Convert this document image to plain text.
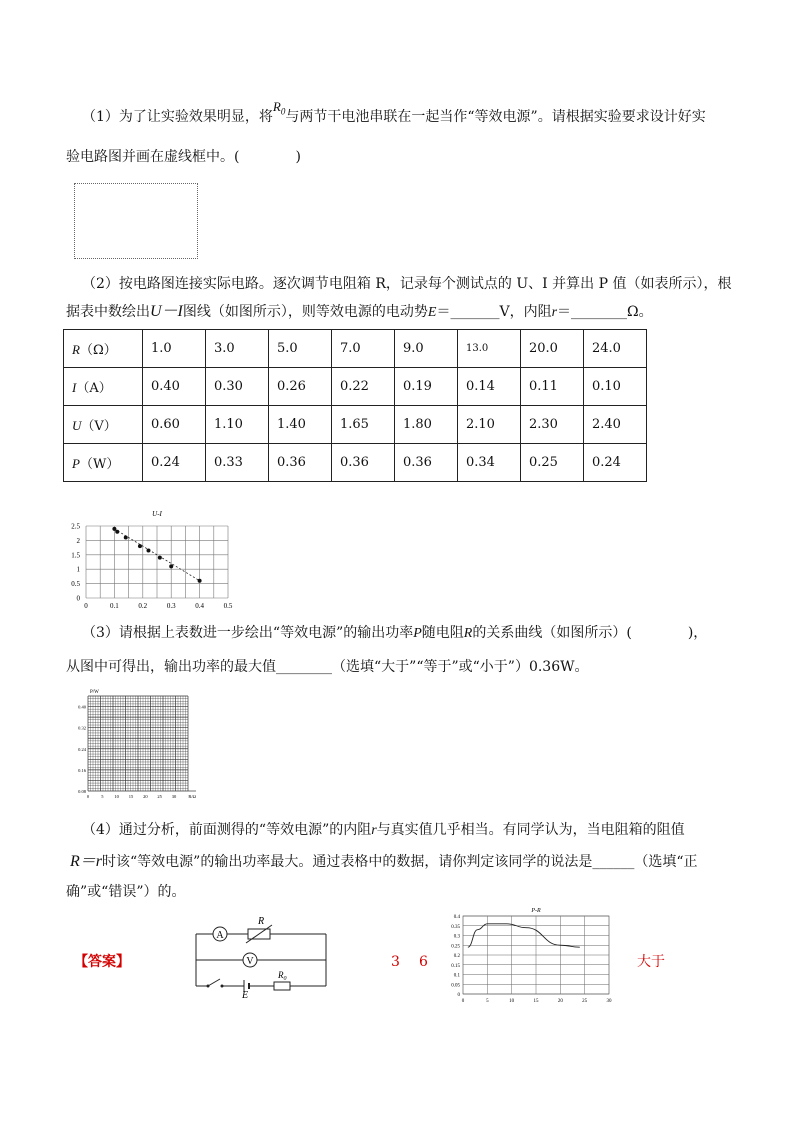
（1）为了让实验效果明显，将$R_0$与两节干电池串联在一起当作“等效电源”。请根据实验要求设计好实
验电路图并画在虚线框中。(　　　　)
（2）按电路图连接实际电路。逐次调节电阻箱 R，记录每个测试点的 U、I 并算出 P 值（如表所示），根
据表中数绘出U－I图线（如图所示），则等效电源的电动势E＝_______V，内阻r＝________Ω。
R（Ω）	1.0	3.0	5.0	7.0	9.0	13.0	20.0	24.0
I（A）	0.40	0.30	0.26	0.22	0.19	0.14	0.11	0.10
U（V）	0.60	1.10	1.40	1.65	1.80	2.10	2.30	2.40
P（W）	0.24	0.33	0.36	0.36	0.36	0.34	0.25	0.24
U-I
0
0.5
1
1.5
2
2.5
0	0.1	0.2	0.3	0.4	0.5
（3）请根据上表数进一步绘出“等效电源”的输出功率P随电阻R的关系曲线（如图所示）(　　　　)，
从图中可得出，输出功率的最大值________（选填“大于”“等于”或“小于”）0.36W。
P/W
0.08
0.16
0.24
0.32
0.40
0	5 10 15 20 25 30	R/Ω
（4）通过分析，前面测得的“等效电源”的内阻r与真实值几乎相当。有同学认为，当电阻箱的阻值
R＝r时该“等效电源”的输出功率最大。通过表格中的数据，请你判定该同学的说法是______（选填“正
确”或“错误”）的。
【答案】
A
R
V
E
$R_0$
3 6
P-R
0
0.05
0.1
0.15
0.2
0.25
0.3
0.35
0.4
0	5	10	15	20	25	30
大于
